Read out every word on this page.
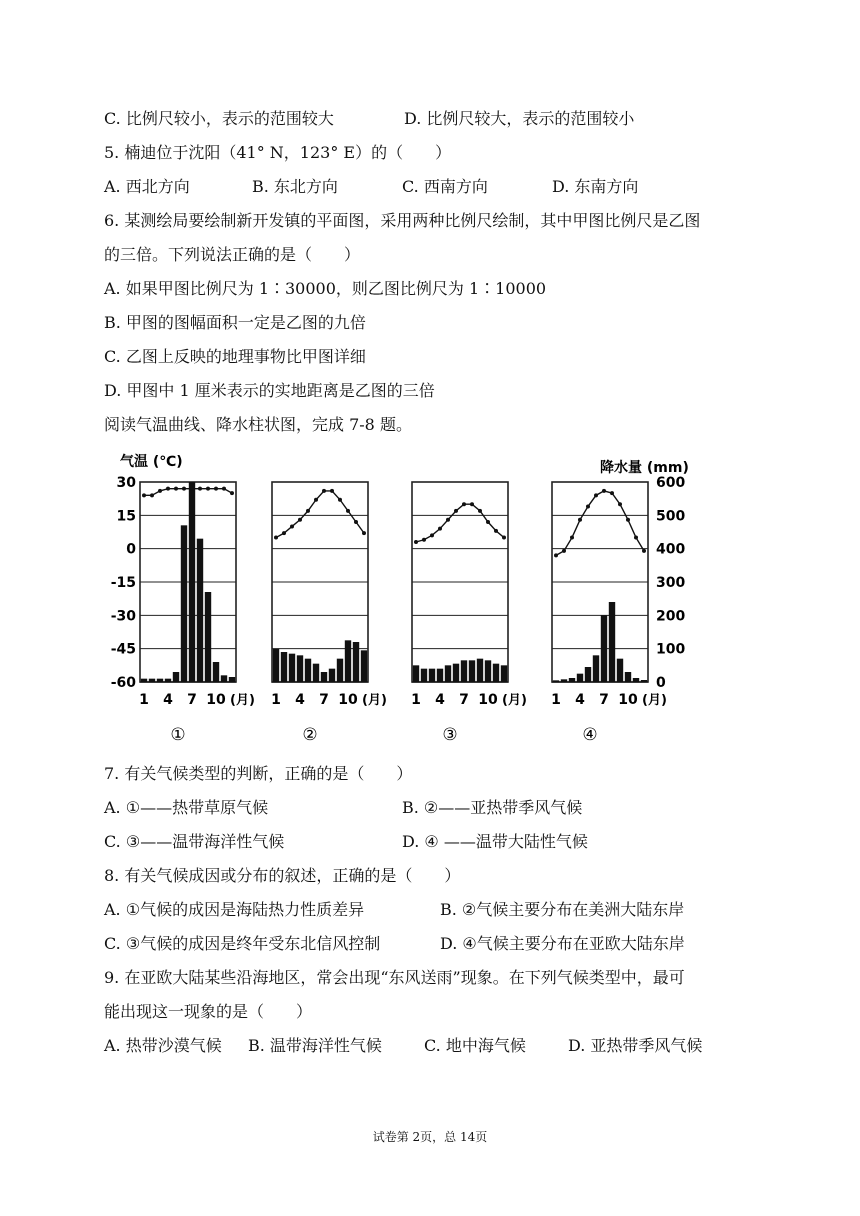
C. 比例尺较小，表示的范围较大	D. 比例尺较大，表示的范围较小
5. 楠迪位于沈阳（41° N，123° E）的（　　）
A. 西北方向	B. 东北方向	C. 西南方向	D. 东南方向
6. 某测绘局要绘制新开发镇的平面图，采用两种比例尺绘制，其中甲图比例尺是乙图
的三倍。下列说法正确的是（　　）
A. 如果甲图比例尺为 1∶30000，则乙图比例尺为 1∶10000
B. 甲图的图幅面积一定是乙图的九倍
C. 乙图上反映的地理事物比甲图详细
D. 甲图中 1 厘米表示的实地距离是乙图的三倍
阅读气温曲线、降水柱状图，完成 7-8 题。
气温 (℃)	降水量 (mm)
1 4 7 10 (月)
①
1 4 7 10 (月)
②
1 4 7 10 (月)
③
1 4 7 10 (月)
④
30
15
0
-15
-30
-45
-60
600
500
400
300
200
100
0
7. 有关气候类型的判断，正确的是（　　）
A. ①——热带草原气候	B. ②——亚热带季风气候
C. ③——温带海洋性气候	D. ④ ——温带大陆性气候
8. 有关气候成因或分布的叙述，正确的是（　　）
A. ①气候的成因是海陆热力性质差异	B. ②气候主要分布在美洲大陆东岸
C. ③气候的成因是终年受东北信风控制	D. ④气候主要分布在亚欧大陆东岸
9. 在亚欧大陆某些沿海地区，常会出现“东风送雨”现象。在下列气候类型中，最可
能出现这一现象的是（　　）
A. 热带沙漠气候 B. 温带海洋性气候	C. 地中海气候	D. 亚热带季风气候
试卷第 2页，总 14页
